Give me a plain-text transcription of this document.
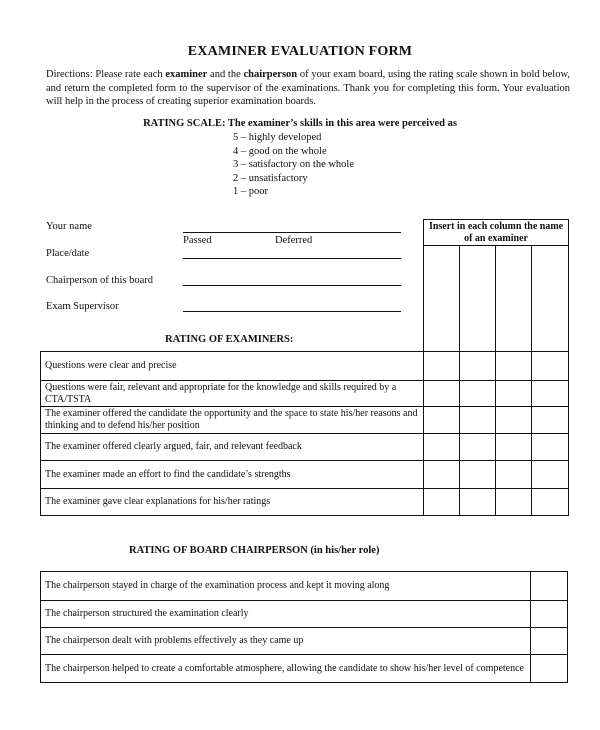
EXAMINER EVALUATION FORM
Directions: Please rate each examiner and the chairperson of your exam board, using the rating scale shown in bold below, and return the completed form to the supervisor of the examinations. Thank you for completing this form. Your evaluation will help in the process of creating superior examination boards.
RATING SCALE: The examiner’s skills in this area were perceived as
5 – highly developed
4 – good on the whole
3 – satisfactory on the whole
2 – unsatisfactory
1 – poor
Your name
Passed	Deferred
Place/date
Chairperson of this board
Exam Supervisor
Insert in each column the name of an examiner

RATING OF EXAMINERS:
Questions were clear and precise				
Questions were fair, relevant and appropriate for the knowledge and skills required by a CTA/TSTA				
The examiner offered the candidate the opportunity and the space to state his/her reasons and thinking and to defend his/her position				
The examiner offered clearly argued, fair, and relevant feedback				
The examiner made an effort to find the candidate’s strengths				
The examiner gave clear explanations for his/her ratings				
RATING OF BOARD CHAIRPERSON (in his/her role)
The chairperson stayed in charge of the examination process and kept it moving along	
The chairperson structured the examination clearly	
The chairperson dealt with problems effectively as they came up	
The chairperson helped to create a comfortable atmosphere, allowing the candidate to show his/her level of competence	
